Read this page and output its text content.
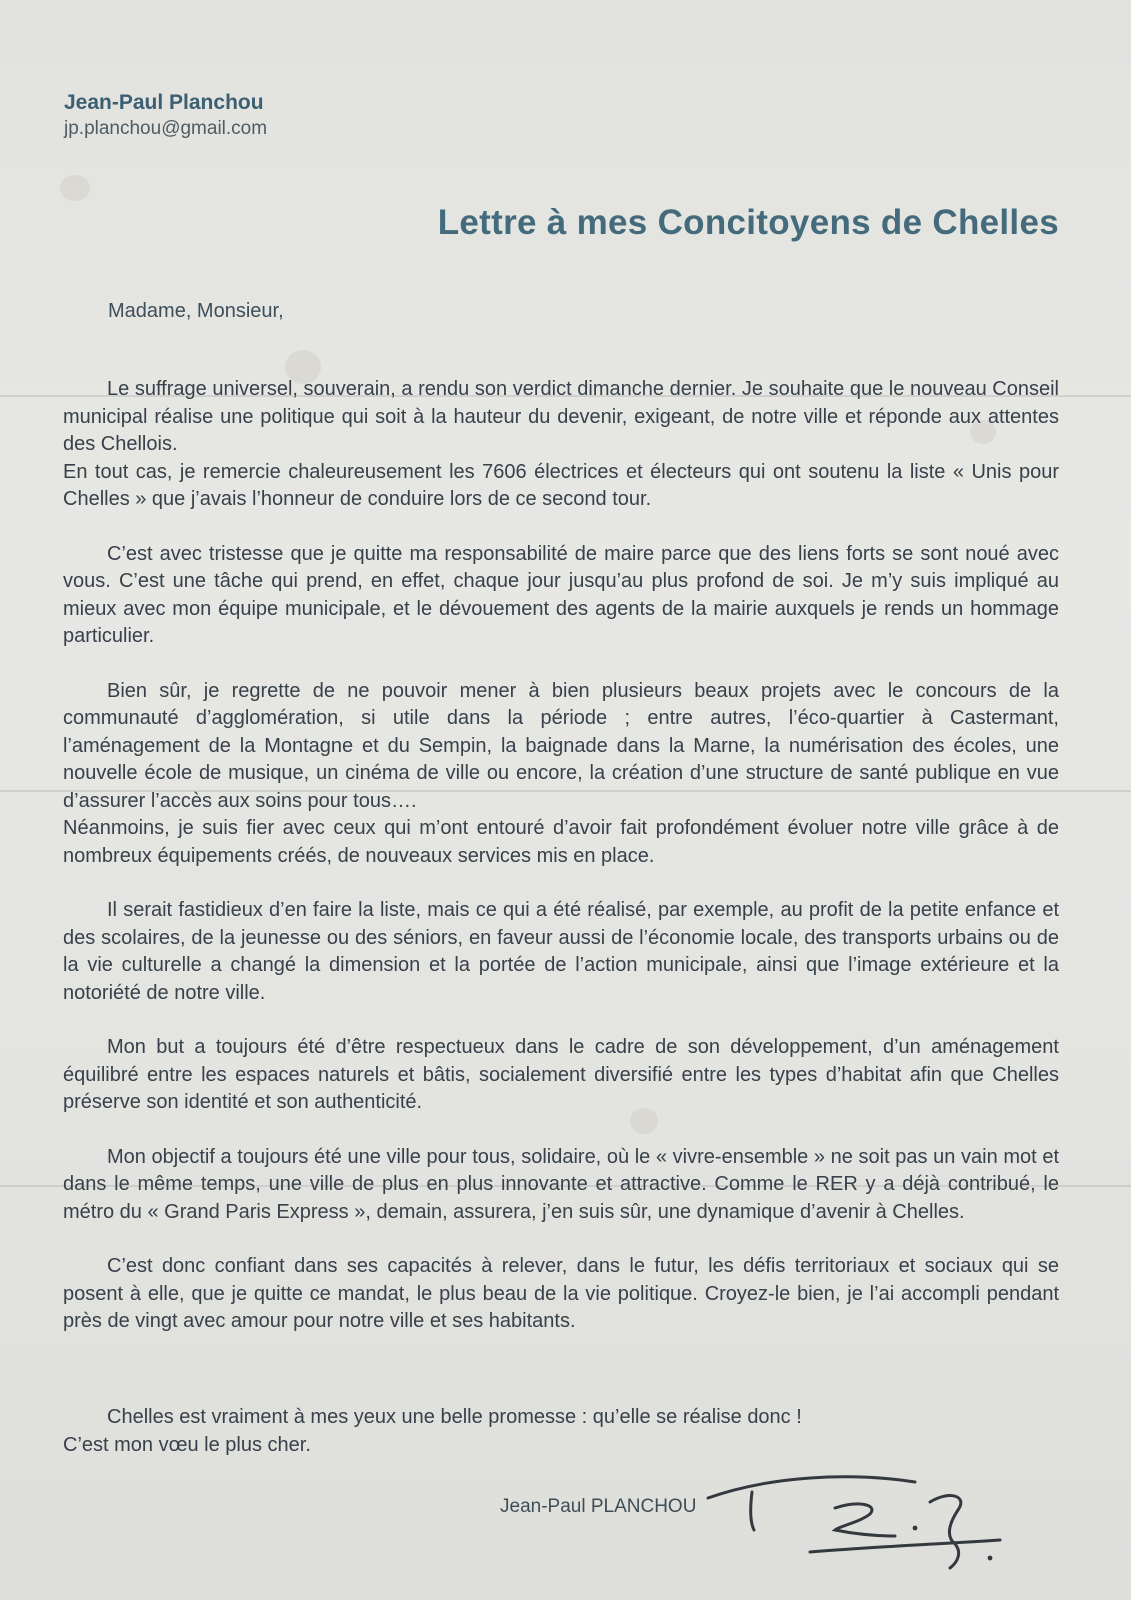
Jean-Paul Planchou
jp.planchou@gmail.com
Lettre à mes Concitoyens de Chelles
Madame, Monsieur,

Le suffrage universel, souverain, a rendu son verdict dimanche dernier. Je souhaite que le nouveau Conseil municipal réalise une politique qui soit à la hauteur du devenir, exigeant, de notre ville et réponde aux attentes des Chellois.
En tout cas, je remercie chaleureusement les 7606 électrices et électeurs qui ont soutenu la liste « Unis pour Chelles » que j’avais l’honneur de conduire lors de ce second tour.

C’est avec tristesse que je quitte ma responsabilité de maire parce que des liens forts se sont noué avec vous. C’est une tâche qui prend, en effet, chaque jour jusqu’au plus profond de soi. Je m’y suis impliqué au mieux avec mon équipe municipale, et le dévouement des agents de la mairie auxquels je rends un hommage particulier.

Bien sûr, je regrette de ne pouvoir mener à bien plusieurs beaux projets avec le concours de la communauté d’agglomération, si utile dans la période ; entre autres, l’éco-quartier à Castermant, l’aménagement de la Montagne et du Sempin, la baignade dans la Marne, la numérisation des écoles, une nouvelle école de musique, un cinéma de ville ou encore, la création d’une structure de santé publique en vue d’assurer l’accès aux soins pour tous….
Néanmoins, je suis fier avec ceux qui m’ont entouré d’avoir fait profondément évoluer notre ville grâce à de nombreux équipements créés, de nouveaux services mis en place.

Il serait fastidieux d’en faire la liste, mais ce qui a été réalisé, par exemple, au profit de la petite enfance et des scolaires, de la jeunesse ou des séniors, en faveur aussi de l’économie locale, des transports urbains ou de la vie culturelle a changé la dimension et la portée de l’action municipale, ainsi que l’image extérieure et la notoriété de notre ville.

Mon but a toujours été d’être respectueux dans le cadre de son développement, d’un aménagement équilibré entre les espaces naturels et bâtis, socialement diversifié entre les types d’habitat afin que Chelles préserve son identité et son authenticité.

Mon objectif a toujours été une ville pour tous, solidaire, où le « vivre-ensemble » ne soit pas un vain mot et dans le même temps, une ville de plus en plus innovante et attractive. Comme le RER y a déjà contribué, le métro du « Grand Paris Express », demain, assurera, j’en suis sûr, une dynamique d’avenir à Chelles.

C’est donc confiant dans ses capacités à relever, dans le futur, les défis territoriaux et sociaux qui se posent à elle, que je quitte ce mandat, le plus beau de la vie politique. Croyez-le bien, je l’ai accompli pendant près de vingt avec amour pour notre ville et ses habitants.

Chelles est vraiment à mes yeux une belle promesse : qu’elle se réalise donc !
C’est mon vœu le plus cher.
Jean-Paul PLANCHOU
